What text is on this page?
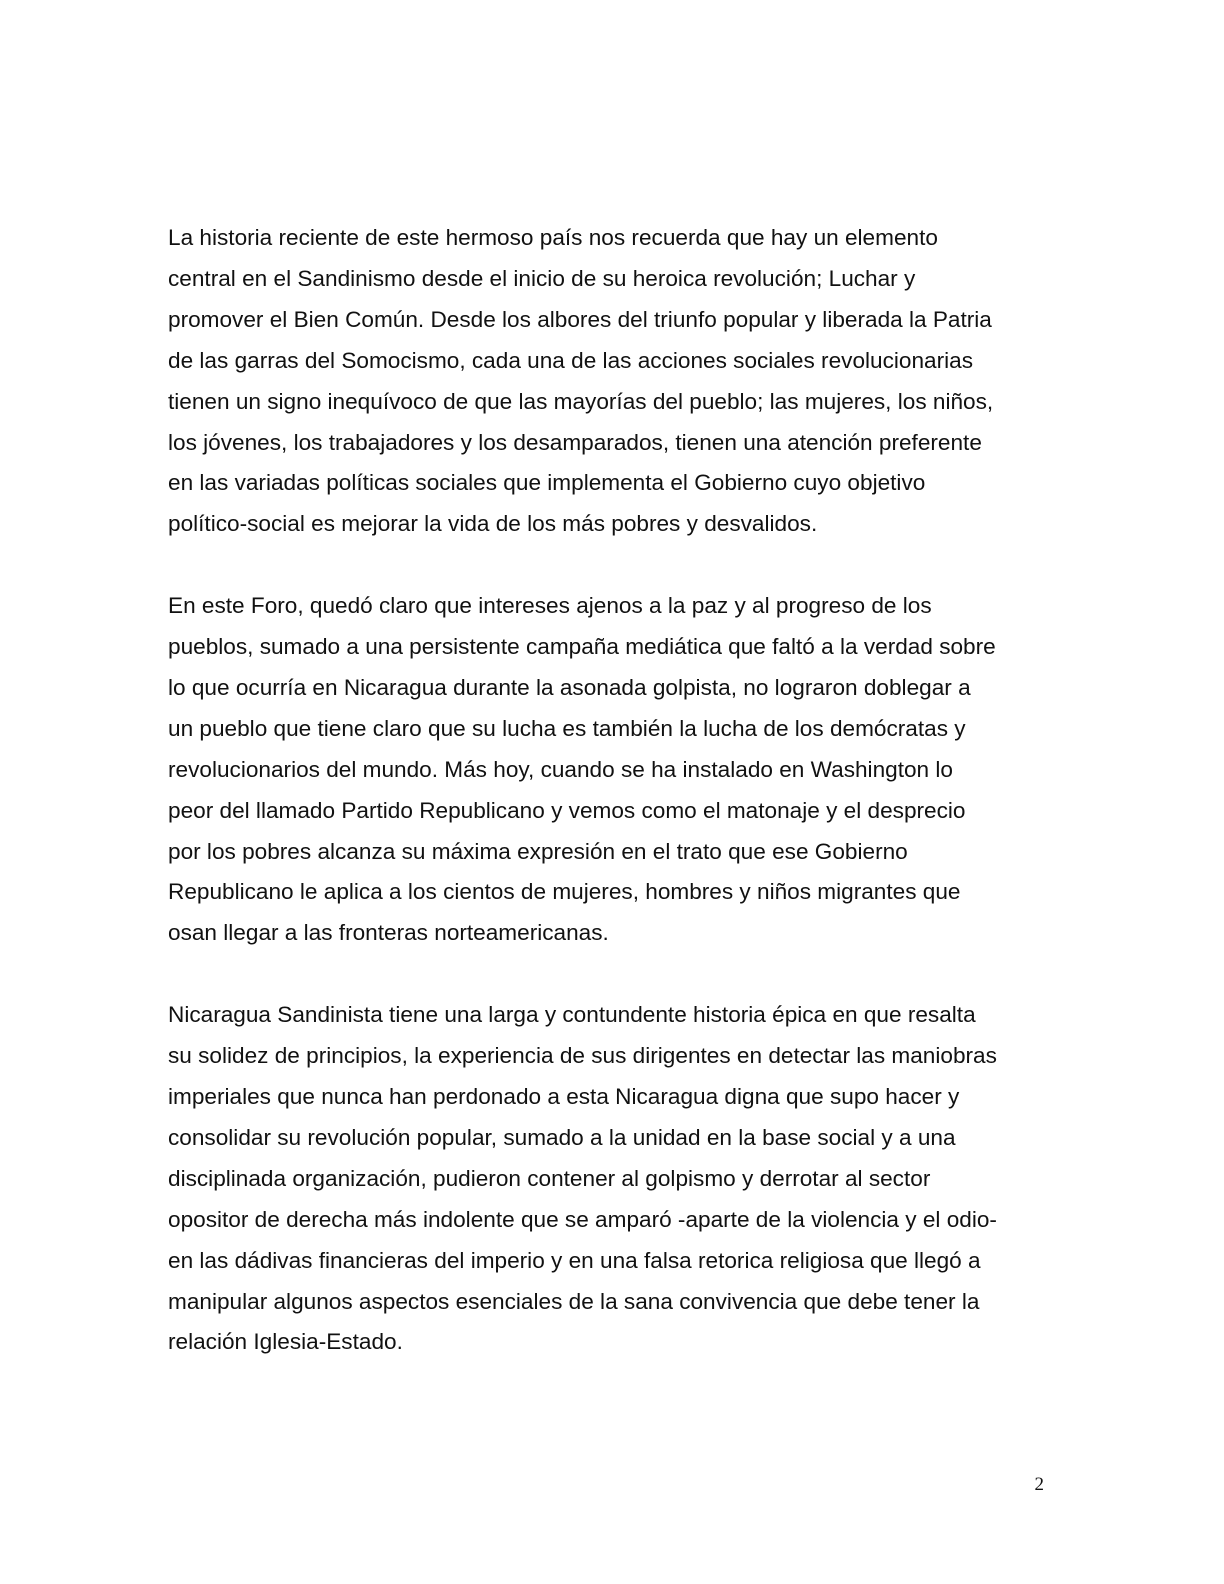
La historia reciente de este hermoso país nos recuerda que hay un elemento
central en el Sandinismo desde el inicio de su heroica revolución; Luchar y
promover el Bien Común. Desde los albores del triunfo popular y liberada la Patria
de las garras del Somocismo, cada una de las acciones sociales revolucionarias
tienen un signo inequívoco de que las mayorías del pueblo; las mujeres, los niños,
los jóvenes, los trabajadores y los desamparados, tienen una atención preferente
en las variadas políticas sociales que implementa el Gobierno cuyo objetivo
político-social es mejorar la vida de los más pobres y desvalidos.

En este Foro, quedó claro que intereses ajenos a la paz y al progreso de los
pueblos, sumado a una persistente campaña mediática que faltó a la verdad sobre
lo que ocurría en Nicaragua durante la asonada golpista, no lograron doblegar a
un pueblo que tiene claro que su lucha es también la lucha de los demócratas y
revolucionarios del mundo. Más hoy, cuando se ha instalado en Washington lo
peor del llamado Partido Republicano y vemos como el matonaje y el desprecio
por los pobres alcanza su máxima expresión en el trato que ese Gobierno
Republicano le aplica a los cientos de mujeres, hombres y niños migrantes que
osan llegar a las fronteras norteamericanas.

Nicaragua Sandinista tiene una larga y contundente historia épica en que resalta
su solidez de principios, la experiencia de sus dirigentes en detectar las maniobras
imperiales que nunca han perdonado a esta Nicaragua digna que supo hacer y
consolidar su revolución popular, sumado a la unidad en la base social y a una
disciplinada organización, pudieron contener al golpismo y derrotar al sector
opositor de derecha más indolente que se amparó -aparte de la violencia y el odio-
en las dádivas financieras del imperio y en una falsa retorica religiosa que llegó a
manipular algunos aspectos esenciales de la sana convivencia que debe tener la
relación Iglesia-Estado.

2
